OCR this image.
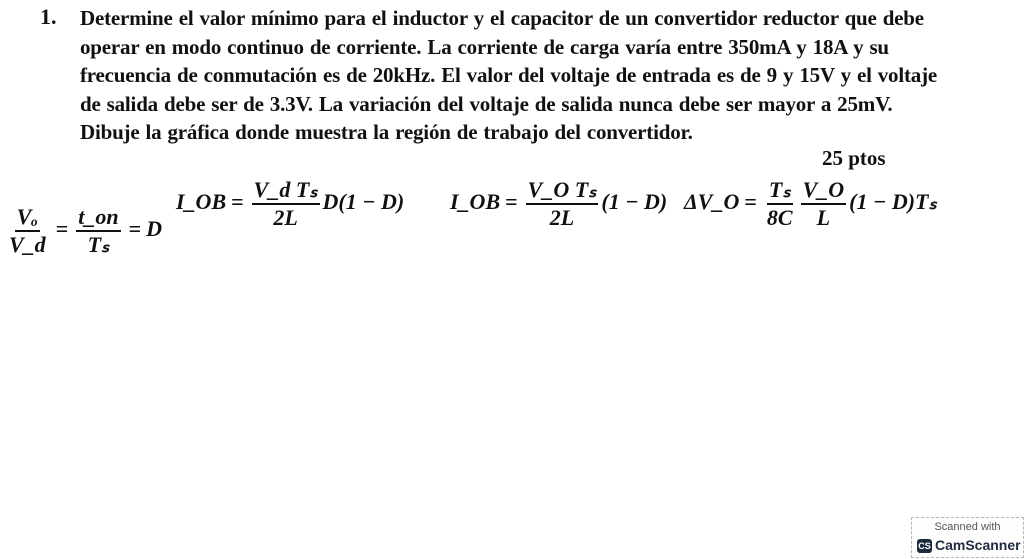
1. Determine el valor mínimo para el inductor y el capacitor de un convertidor reductor que debe operar en modo continuo de corriente. La corriente de carga varía entre 350mA y 18A y su frecuencia de conmutación es de 20kHz. El valor del voltaje de entrada es de 9 y 15V y el voltaje de salida debe ser de 3.3V. La variación del voltaje de salida nunca debe ser mayor a 25mV. Dibuje la gráfica donde muestra la región de trabajo del convertidor.
25 ptos
$\frac{\text{Vₒ}}{V\_d} = \frac{t\_on}{\text{Tₛ}} = D$
I_OB = $\frac{\text{V\_d Tₛ}}{2L} D(1 - D)$ I_OB = $\frac{\text{V\_O Tₛ}}{2L} (1 - D)$ ΔV_O = $\frac{\text{Tₛ}}{8C} \frac{V\_O}{L} (1 - D)T_s$
Scanned with
CS CamScanner
